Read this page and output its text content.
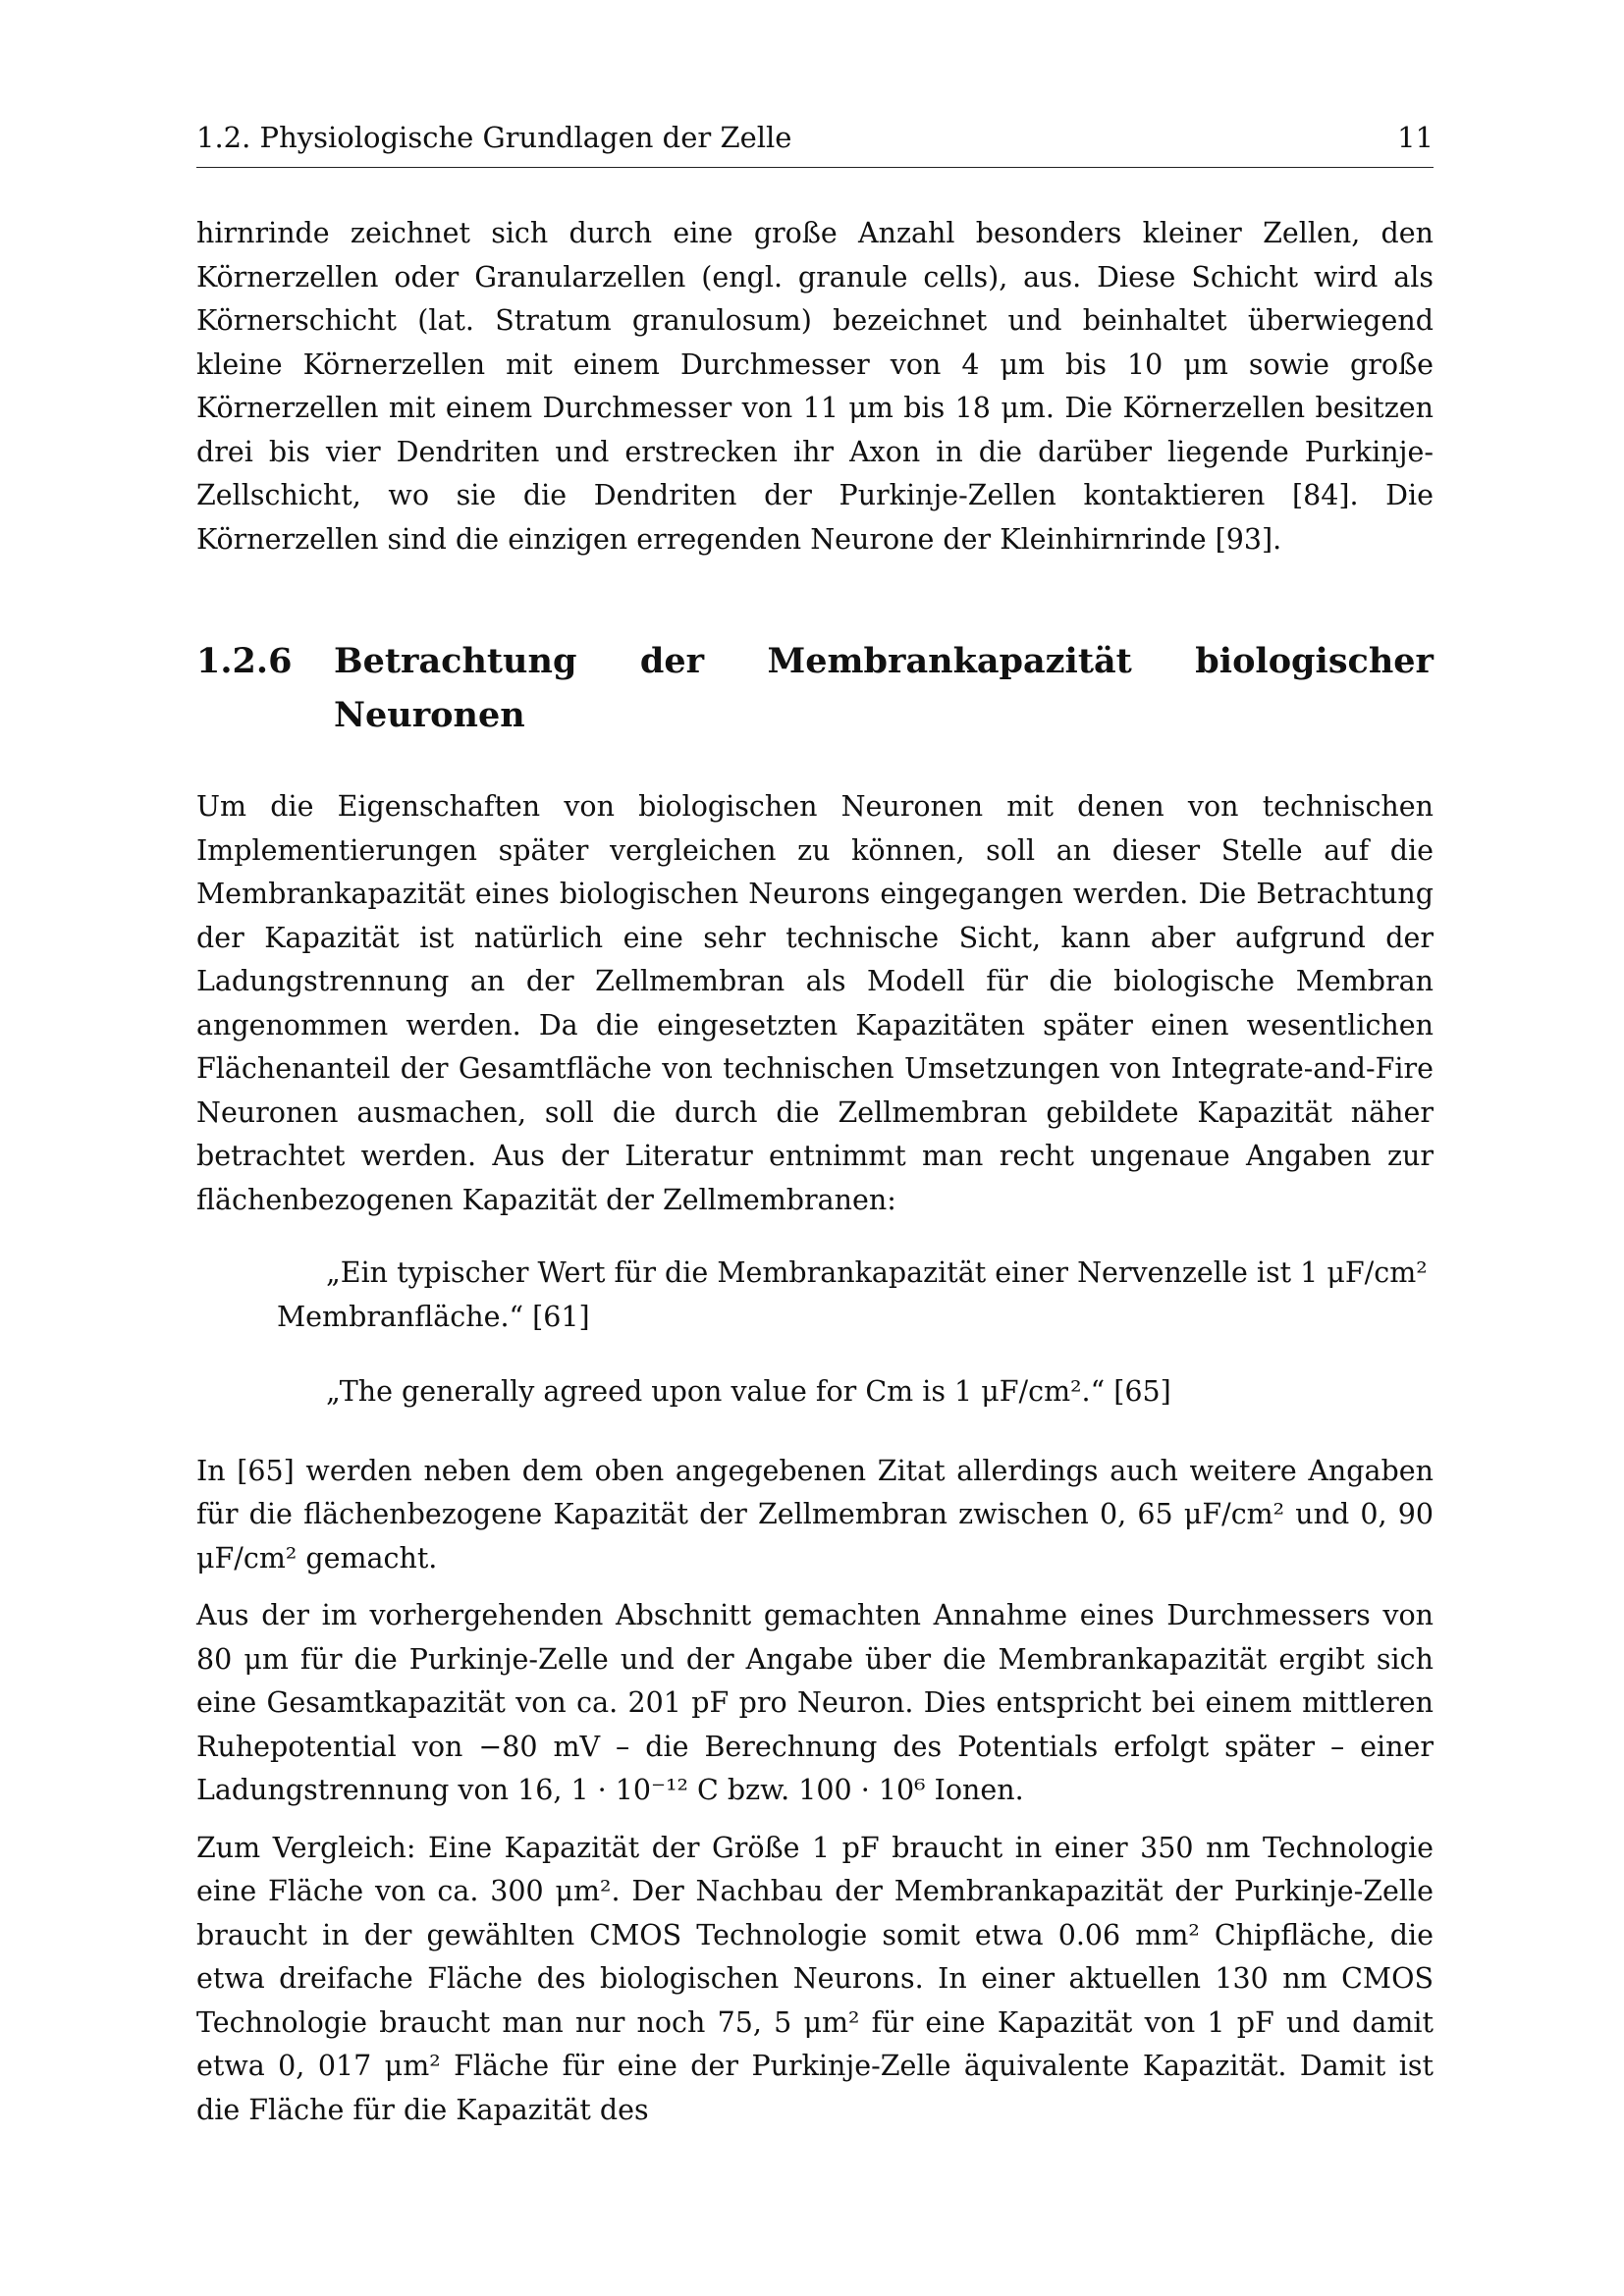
1.2. Physiologische Grundlagen der Zelle	11

hirnrinde zeichnet sich durch eine große Anzahl besonders kleiner Zellen, den Körnerzellen oder Granularzellen (engl. granule cells), aus. Diese Schicht wird als Körnerschicht (lat. Stratum granulosum) bezeichnet und beinhaltet überwiegend kleine Körnerzellen mit einem Durchmesser von 4 μm bis 10 μm sowie große Körnerzellen mit einem Durchmesser von 11 μm bis 18 μm. Die Körnerzellen besitzen drei bis vier Dendriten und erstrecken ihr Axon in die darüber liegende Purkinje-Zellschicht, wo sie die Dendriten der Purkinje-Zellen kontaktieren [84]. Die Körnerzellen sind die einzigen erregenden Neurone der Kleinhirnrinde [93].

1.2.6	Betrachtung der Membrankapazität biologischer Neuronen

Um die Eigenschaften von biologischen Neuronen mit denen von technischen Implementierungen später vergleichen zu können, soll an dieser Stelle auf die Membrankapazität eines biologischen Neurons eingegangen werden. Die Betrachtung der Kapazität ist natürlich eine sehr technische Sicht, kann aber aufgrund der Ladungstrennung an der Zellmembran als Modell für die biologische Membran angenommen werden. Da die eingesetzten Kapazitäten später einen wesentlichen Flächenanteil der Gesamtfläche von technischen Umsetzungen von Integrate-and-Fire Neuronen ausmachen, soll die durch die Zellmembran gebildete Kapazität näher betrachtet werden. Aus der Literatur entnimmt man recht ungenaue Angaben zur flächenbezogenen Kapazität der Zellmembranen:

„Ein typischer Wert für die Membrankapazität einer Nervenzelle ist 1 μF/cm² Membranfläche.“ [61]

„The generally agreed upon value for Cm is 1 μF/cm².“ [65]

In [65] werden neben dem oben angegebenen Zitat allerdings auch weitere Angaben für die flächenbezogene Kapazität der Zellmembran zwischen 0, 65 μF/cm² und 0, 90 μF/cm² gemacht.

Aus der im vorhergehenden Abschnitt gemachten Annahme eines Durchmessers von 80 μm für die Purkinje-Zelle und der Angabe über die Membrankapazität ergibt sich eine Gesamtkapazität von ca. 201 pF pro Neuron. Dies entspricht bei einem mittleren Ruhepotential von −80 mV – die Berechnung des Potentials erfolgt später – einer Ladungstrennung von 16, 1 · 10⁻¹² C bzw. 100 · 10⁶ Ionen.

Zum Vergleich: Eine Kapazität der Größe 1 pF braucht in einer 350 nm Technologie eine Fläche von ca. 300 μm². Der Nachbau der Membrankapazität der Purkinje-Zelle braucht in der gewählten CMOS Technologie somit etwa 0.06 mm² Chipfläche, die etwa dreifache Fläche des biologischen Neurons. In einer aktuellen 130 nm CMOS Technologie braucht man nur noch 75, 5 μm² für eine Kapazität von 1 pF und damit etwa 0, 017 μm² Fläche für eine der Purkinje-Zelle äquivalente Kapazität. Damit ist die Fläche für die Kapazität des
